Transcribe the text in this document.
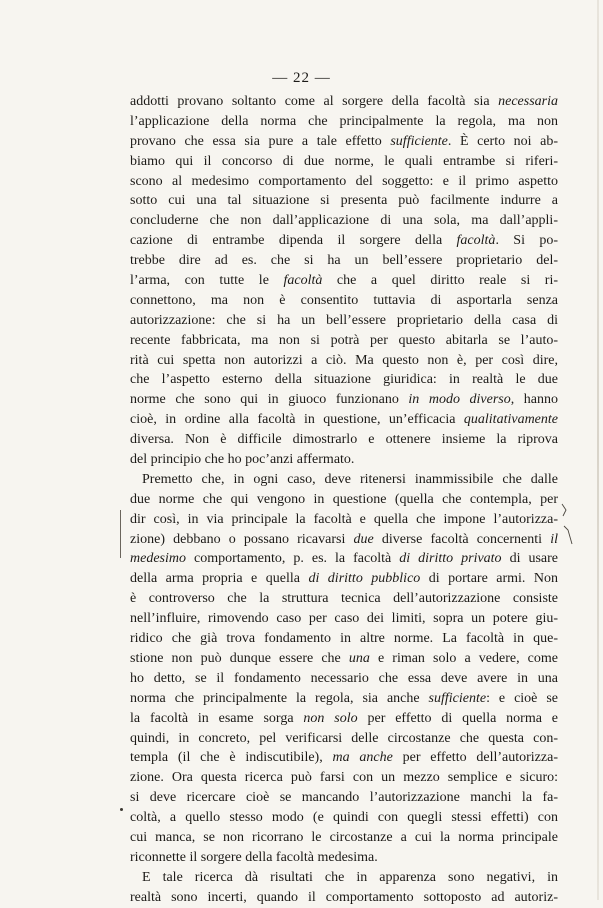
— 22 —
addotti provano soltanto come al sorgere della facoltà sia necessaria
l’applicazione della norma che principalmente la regola, ma non
provano che essa sia pure a tale effetto sufficiente. È certo noi ab-
biamo qui il concorso di due norme, le quali entrambe si riferi-
scono al medesimo comportamento del soggetto: e il primo aspetto
sotto cui una tal situazione si presenta può facilmente indurre a
concluderne che non dall’applicazione di una sola, ma dall’appli-
cazione di entrambe dipenda il sorgere della facoltà. Si po-
trebbe dire ad es. che si ha un bell’essere proprietario del-
l’arma, con tutte le facoltà che a quel diritto reale si ri-
connettono, ma non è consentito tuttavia di asportarla senza
autorizzazione: che si ha un bell’essere proprietario della casa di
recente fabbricata, ma non si potrà per questo abitarla se l’auto-
rità cui spetta non autorizzi a ciò. Ma questo non è, per così dire,
che l’aspetto esterno della situazione giuridica: in realtà le due
norme che sono qui in giuoco funzionano in modo diverso, hanno
cioè, in ordine alla facoltà in questione, un’efficacia qualitativamente
diversa. Non è difficile dimostrarlo e ottenere insieme la riprova
del principio che ho poc’anzi affermato.
Premetto che, in ogni caso, deve ritenersi inammissibile che dalle
due norme che qui vengono in questione (quella che contempla, per
dir così, in via principale la facoltà e quella che impone l’autorizza-
zione) debbano o possano ricavarsi due diverse facoltà concernenti il
medesimo comportamento, p. es. la facoltà di diritto privato di usare
della arma propria e quella di diritto pubblico di portare armi. Non
è controverso che la struttura tecnica dell’autorizzazione consiste
nell’influire, rimovendo caso per caso dei limiti, sopra un potere giu-
ridico che già trova fondamento in altre norme. La facoltà in que-
stione non può dunque essere che una e riman solo a vedere, come
ho detto, se il fondamento necessario che essa deve avere in una
norma che principalmente la regola, sia anche sufficiente: e cioè se
la facoltà in esame sorga non solo per effetto di quella norma e
quindi, in concreto, pel verificarsi delle circostanze che questa con-
templa (il che è indiscutibile), ma anche per effetto dell’autorizza-
zione. Ora questa ricerca può farsi con un mezzo semplice e sicuro:
si deve ricercare cioè se mancando l’autorizzazione manchi la fa-
coltà, a quello stesso modo (e quindi con quegli stessi effetti) con
cui manca, se non ricorrano le circostanze a cui la norma principale
riconnette il sorgere della facoltà medesima.
E tale ricerca dà risultati che in apparenza sono negativi, in
realtà sono incerti, quando il comportamento sottoposto ad autoriz-
